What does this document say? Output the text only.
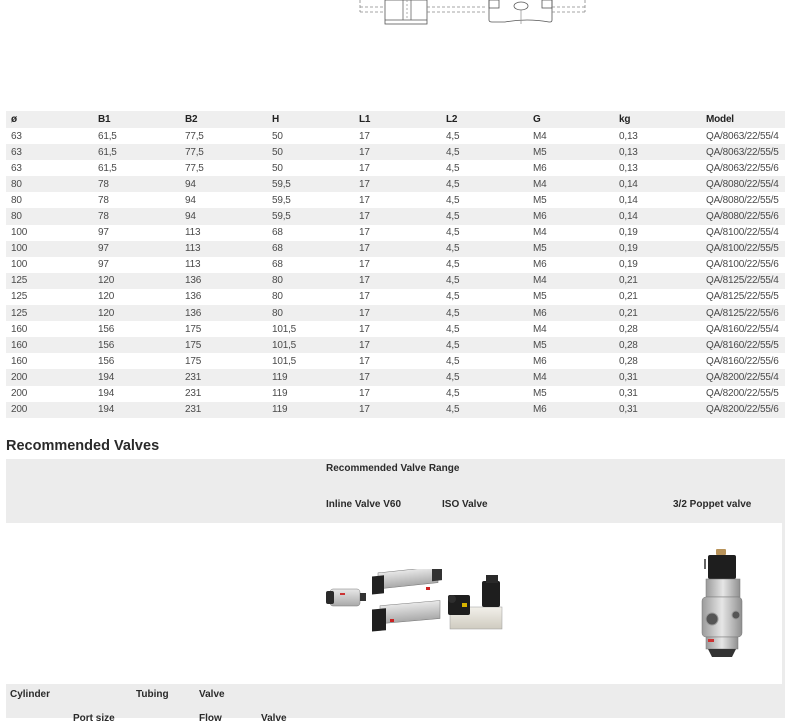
ø	B1	B2	H	L1	L2	G	kg	Model
63	61,5	77,5	50	17	4,5	M4	0,13	QA/8063/22/55/4
63	61,5	77,5	50	17	4,5	M5	0,13	QA/8063/22/55/5
63	61,5	77,5	50	17	4,5	M6	0,13	QA/8063/22/55/6
80	78	94	59,5	17	4,5	M4	0,14	QA/8080/22/55/4
80	78	94	59,5	17	4,5	M5	0,14	QA/8080/22/55/5
80	78	94	59,5	17	4,5	M6	0,14	QA/8080/22/55/6
100	97	113	68	17	4,5	M4	0,19	QA/8100/22/55/4
100	97	113	68	17	4,5	M5	0,19	QA/8100/22/55/5
100	97	113	68	17	4,5	M6	0,19	QA/8100/22/55/6
125	120	136	80	17	4,5	M4	0,21	QA/8125/22/55/4
125	120	136	80	17	4,5	M5	0,21	QA/8125/22/55/5
125	120	136	80	17	4,5	M6	0,21	QA/8125/22/55/6
160	156	175	101,5	17	4,5	M4	0,28	QA/8160/22/55/4
160	156	175	101,5	17	4,5	M5	0,28	QA/8160/22/55/5
160	156	175	101,5	17	4,5	M6	0,28	QA/8160/22/55/6
200	194	231	119	17	4,5	M4	0,31	QA/8200/22/55/4
200	194	231	119	17	4,5	M5	0,31	QA/8200/22/55/5
200	194	231	119	17	4,5	M6	0,31	QA/8200/22/55/6
Recommended Valves
Recommended Valve Range
Inline Valve V60	ISO Valve	3/2 Poppet valve
Cylinder	Tubing	Valve
Port size	Flow	Valve
